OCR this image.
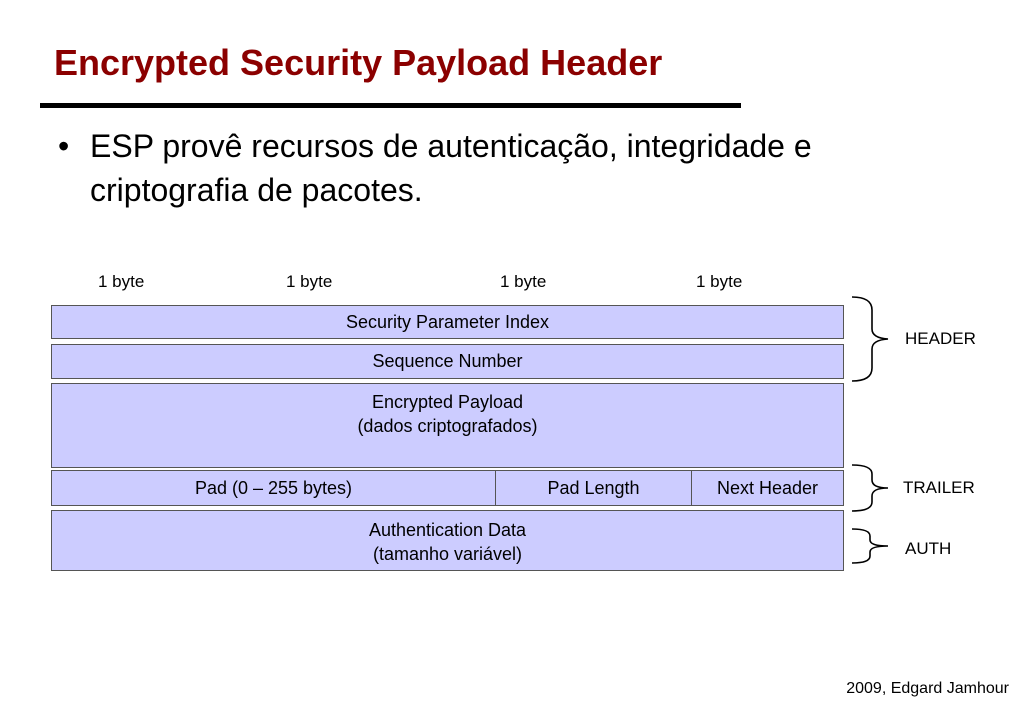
Encrypted Security Payload Header
• ESP provê recursos de autenticação, integridade e criptografia de pacotes.
1 byte	1 byte	1 byte	1 byte
Security Parameter Index
Sequence Number
Encrypted Payload
(dados criptografados)
Pad (0 – 255 bytes)	Pad Length	Next Header
Authentication Data
(tamanho variável)
HEADER
TRAILER
AUTH
2009, Edgard Jamhour
